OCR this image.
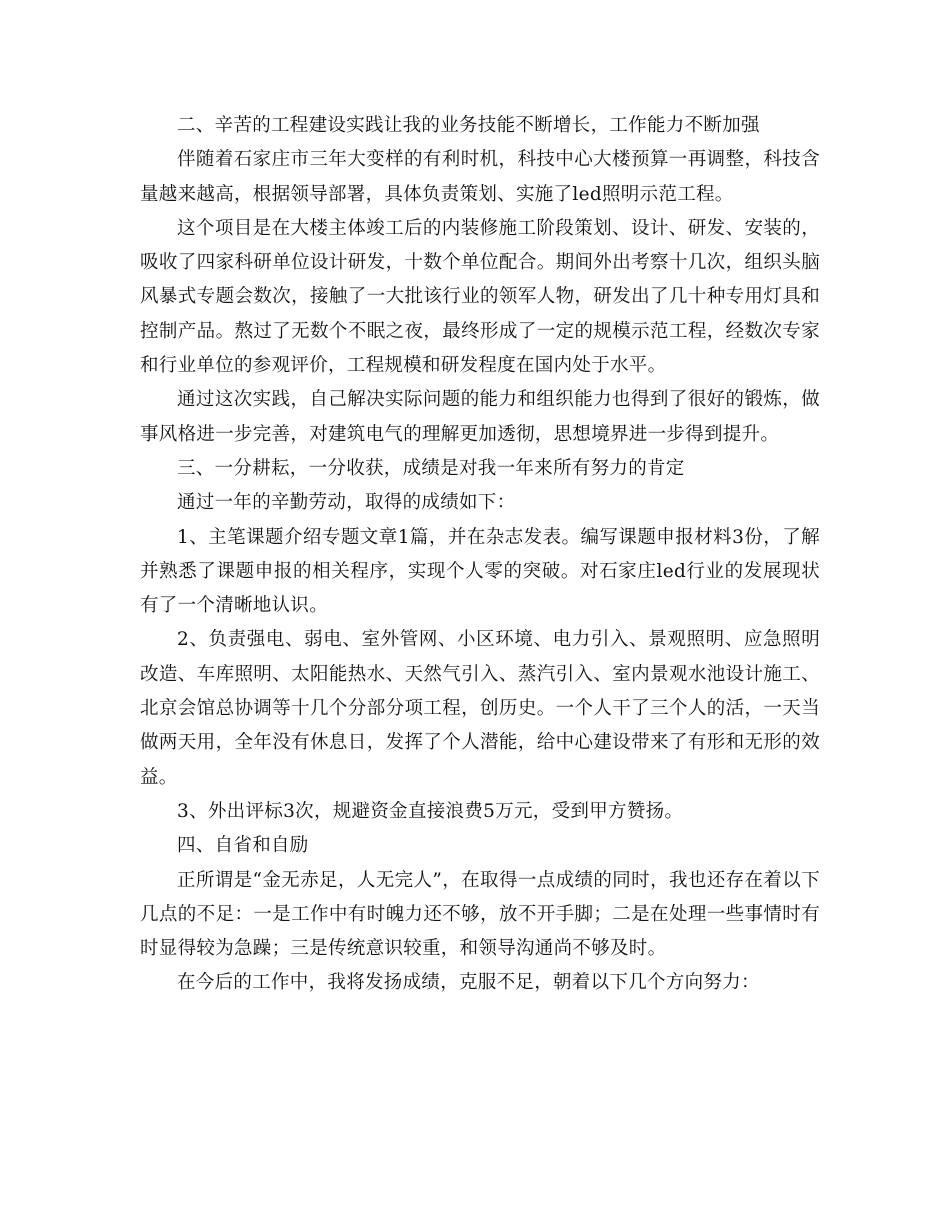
二、辛苦的工程建设实践让我的业务技能不断增长，工作能力不断加强

伴随着石家庄市三年大变样的有利时机，科技中心大楼预算一再调整，科技含量越来越高，根据领导部署，具体负责策划、实施了led照明示范工程。

这个项目是在大楼主体竣工后的内装修施工阶段策划、设计、研发、安装的，吸收了四家科研单位设计研发，十数个单位配合。期间外出考察十几次，组织头脑风暴式专题会数次，接触了一大批该行业的领军人物，研发出了几十种专用灯具和控制产品。熬过了无数个不眠之夜，最终形成了一定的规模示范工程，经数次专家和行业单位的参观评价，工程规模和研发程度在国内处于水平。

通过这次实践，自己解决实际问题的能力和组织能力也得到了很好的锻炼，做事风格进一步完善，对建筑电气的理解更加透彻，思想境界进一步得到提升。

三、一分耕耘，一分收获，成绩是对我一年来所有努力的肯定

通过一年的辛勤劳动，取得的成绩如下：

1、主笔课题介绍专题文章1篇，并在杂志发表。编写课题申报材料3份，了解并熟悉了课题申报的相关程序，实现个人零的突破。对石家庄led行业的发展现状有了一个清晰地认识。

2、负责强电、弱电、室外管网、小区环境、电力引入、景观照明、应急照明改造、车库照明、太阳能热水、天然气引入、蒸汽引入、室内景观水池设计施工、北京会馆总协调等十几个分部分项工程，创历史。一个人干了三个人的活，一天当做两天用，全年没有休息日，发挥了个人潜能，给中心建设带来了有形和无形的效益。

3、外出评标3次，规避资金直接浪费5万元，受到甲方赞扬。

四、自省和自励

正所谓是“金无赤足，人无完人”，在取得一点成绩的同时，我也还存在着以下几点的不足：一是工作中有时魄力还不够，放不开手脚；二是在处理一些事情时有时显得较为急躁；三是传统意识较重，和领导沟通尚不够及时。

在今后的工作中，我将发扬成绩，克服不足，朝着以下几个方向努力：
